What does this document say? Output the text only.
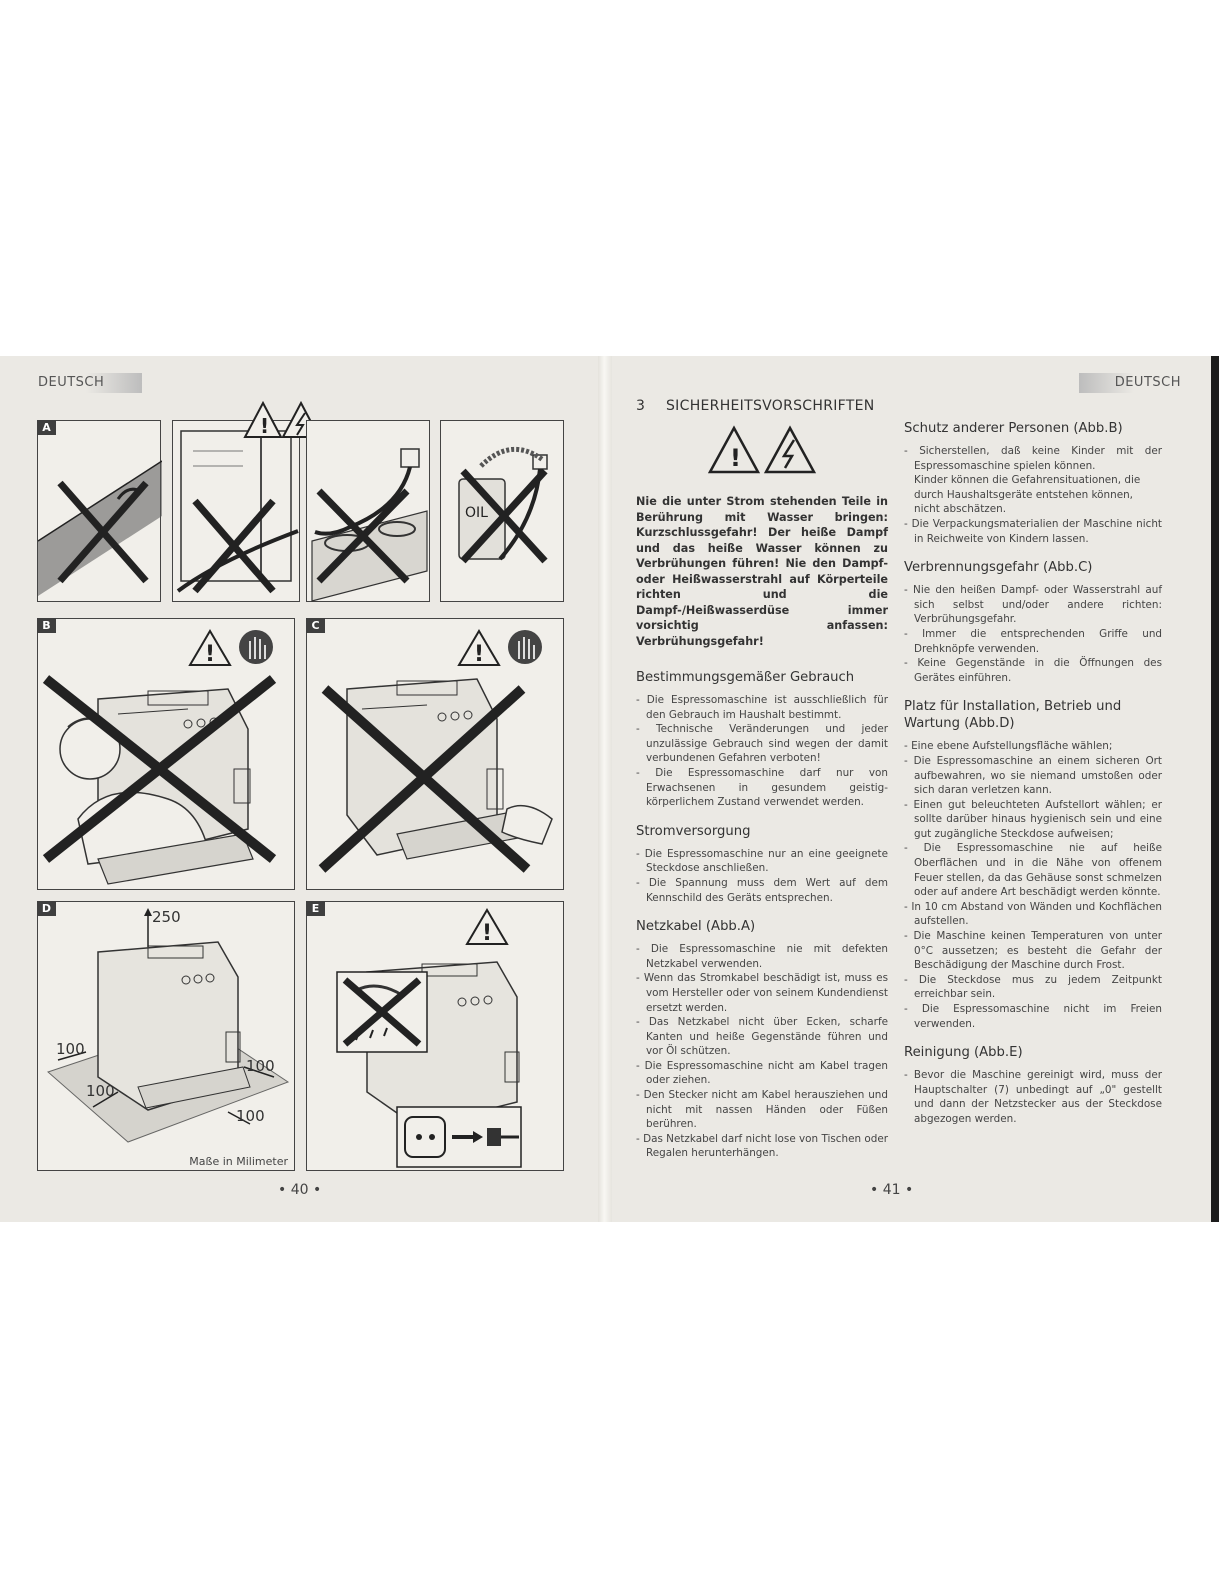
DEUTSCH
A	!
OIL
B
!
C
!
D	250
100
100
100
100
Maße in Milimeter
E
!
• 40 •
DEUTSCH
3 SICHERHEITSVORSCHRIFTEN
!

Nie die unter Strom stehenden Teile in Berührung mit Wasser bringen: Kurzschlussgefahr! Der heiße Dampf und das heiße Wasser können zu Verbrühungen führen! Nie den Dampf- oder Heißwasserstrahl auf Körperteile richten und die Dampf-/Heißwasserdüse immer vorsichtig anfassen: Verbrühungsgefahr!

Bestimmungsgemäßer Gebrauch
- Die Espressomaschine ist ausschließlich für den Gebrauch im Haushalt bestimmt.
- Technische Veränderungen und jeder unzulässige Gebrauch sind wegen der damit verbundenen Gefahren verboten!
- Die Espressomaschine darf nur von Erwachsenen in gesundem geistig-körperlichem Zustand verwendet werden.
Stromversorgung
- Die Espressomaschine nur an eine geeignete Steckdose anschließen.
- Die Spannung muss dem Wert auf dem Kennschild des Geräts entsprechen.
Netzkabel (Abb.A)
- Die Espressomaschine nie mit defekten Netzkabel verwenden.
- Wenn das Stromkabel beschädigt ist, muss es vom Hersteller oder von seinem Kundendienst ersetzt werden.
- Das Netzkabel nicht über Ecken, scharfe Kanten und heiße Gegenstände führen und vor Öl schützen.
- Die Espressomaschine nicht am Kabel tragen oder ziehen.
- Den Stecker nicht am Kabel herausziehen und nicht mit nassen Händen oder Füßen berühren.
- Das Netzkabel darf nicht lose von Tischen oder Regalen herunterhängen.
Schutz anderer Personen (Abb.B)
- Sicherstellen, daß keine Kinder mit der Espressomaschine spielen können.
Kinder können die Gefahrensituationen, die durch Haushaltsgeräte entstehen können, nicht abschätzen.
- Die Verpackungsmaterialien der Maschine nicht in Reichweite von Kindern lassen.
Verbrennungsgefahr (Abb.C)
- Nie den heißen Dampf- oder Wasserstrahl auf sich selbst und/oder andere richten: Verbrühungsgefahr.
- Immer die entsprechenden Griffe und Drehknöpfe verwenden.
- Keine Gegenstände in die Öffnungen des Gerätes einführen.
Platz für Installation, Betrieb und Wartung (Abb.D)
- Eine ebene Aufstellungsfläche wählen;
- Die Espressomaschine an einem sicheren Ort aufbewahren, wo sie niemand umstoßen oder sich daran verletzen kann.
- Einen gut beleuchteten Aufstellort wählen; er sollte darüber hinaus hygienisch sein und eine gut zugängliche Steckdose aufweisen;
- Die Espressomaschine nie auf heiße Oberflächen und in die Nähe von offenem Feuer stellen, da das Gehäuse sonst schmelzen oder auf andere Art beschädigt werden könnte.
- In 10 cm Abstand von Wänden und Kochflächen aufstellen.
- Die Maschine keinen Temperaturen von unter 0°C aussetzen; es besteht die Gefahr der Beschädigung der Maschine durch Frost.
- Die Steckdose mus zu jedem Zeitpunkt erreichbar sein.
- Die Espressomaschine nicht im Freien verwenden.
Reinigung (Abb.E)
- Bevor die Maschine gereinigt wird, muss der Hauptschalter (7) unbedingt auf „0" gestellt und dann der Netzstecker aus der Steckdose abgezogen werden.
• 41 •
